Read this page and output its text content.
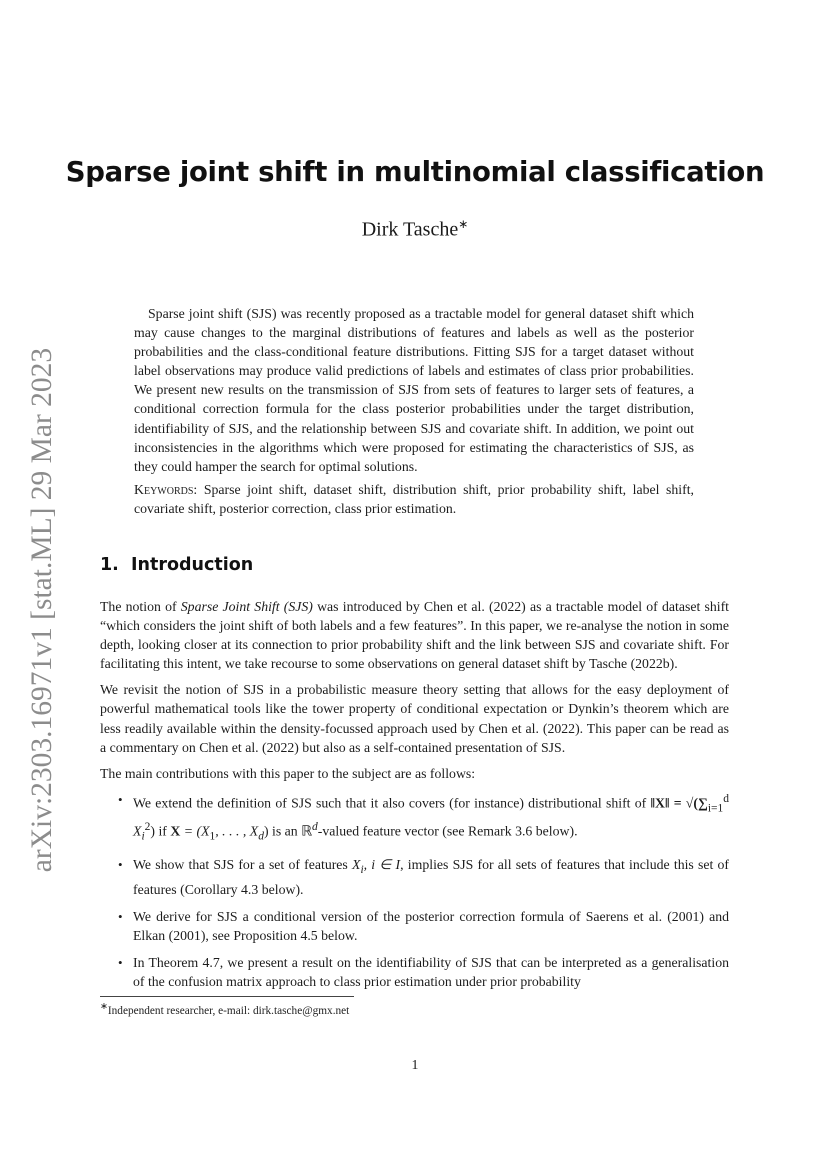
arXiv:2303.16971v1 [stat.ML] 29 Mar 2023
Sparse joint shift in multinomial classification
Dirk Tasche∗

Sparse joint shift (SJS) was recently proposed as a tractable model for general dataset shift which may cause changes to the marginal distributions of features and labels as well as the posterior probabilities and the class-conditional feature distributions. Fitting SJS for a target dataset without label observations may produce valid predictions of labels and estimates of class prior probabilities. We present new results on the transmission of SJS from sets of features to larger sets of features, a conditional correction formula for the class posterior probabilities under the target distribution, identifiability of SJS, and the relationship between SJS and covariate shift. In addition, we point out inconsistencies in the algorithms which were proposed for estimating the characteristics of SJS, as they could hamper the search for optimal solutions.

Keywords: Sparse joint shift, dataset shift, distribution shift, prior probability shift, label shift, covariate shift, posterior correction, class prior estimation.

1. Introduction

The notion of Sparse Joint Shift (SJS) was introduced by Chen et al. (2022) as a tractable model of dataset shift “which considers the joint shift of both labels and a few features”. In this paper, we re-analyse the notion in some depth, looking closer at its connection to prior probability shift and the link between SJS and covariate shift. For facilitating this intent, we take recourse to some observations on general dataset shift by Tasche (2022b).

We revisit the notion of SJS in a probabilistic measure theory setting that allows for the easy deployment of powerful mathematical tools like the tower property of conditional expectation or Dynkin’s theorem which are less readily available within the density-focussed approach used by Chen et al. (2022). This paper can be read as a commentary on Chen et al. (2022) but also as a self-contained presentation of SJS.

The main contributions with this paper to the subject are as follows:

• We extend the definition of SJS such that it also covers (for instance) distributional shift of ‖X‖ = $√(\sum_{i=1}^d$ $X_i^2$) if $X = (X_1$, . . . , $X_d$) is an ℝ$^d$-valued feature vector (see Remark 3.6 below).
• We show that SJS for a set of features $X_i$, i ∈ I, implies SJS for all sets of features that include this set of features (Corollary 4.3 below).
• We derive for SJS a conditional version of the posterior correction formula of Saerens et al. (2001) and Elkan (2001), see Proposition 4.5 below.
• In Theorem 4.7, we present a result on the identifiability of SJS that can be interpreted as a generalisation of the confusion matrix approach to class prior estimation under prior probability
∗Independent researcher, e-mail: dirk.tasche@gmx.net
1
